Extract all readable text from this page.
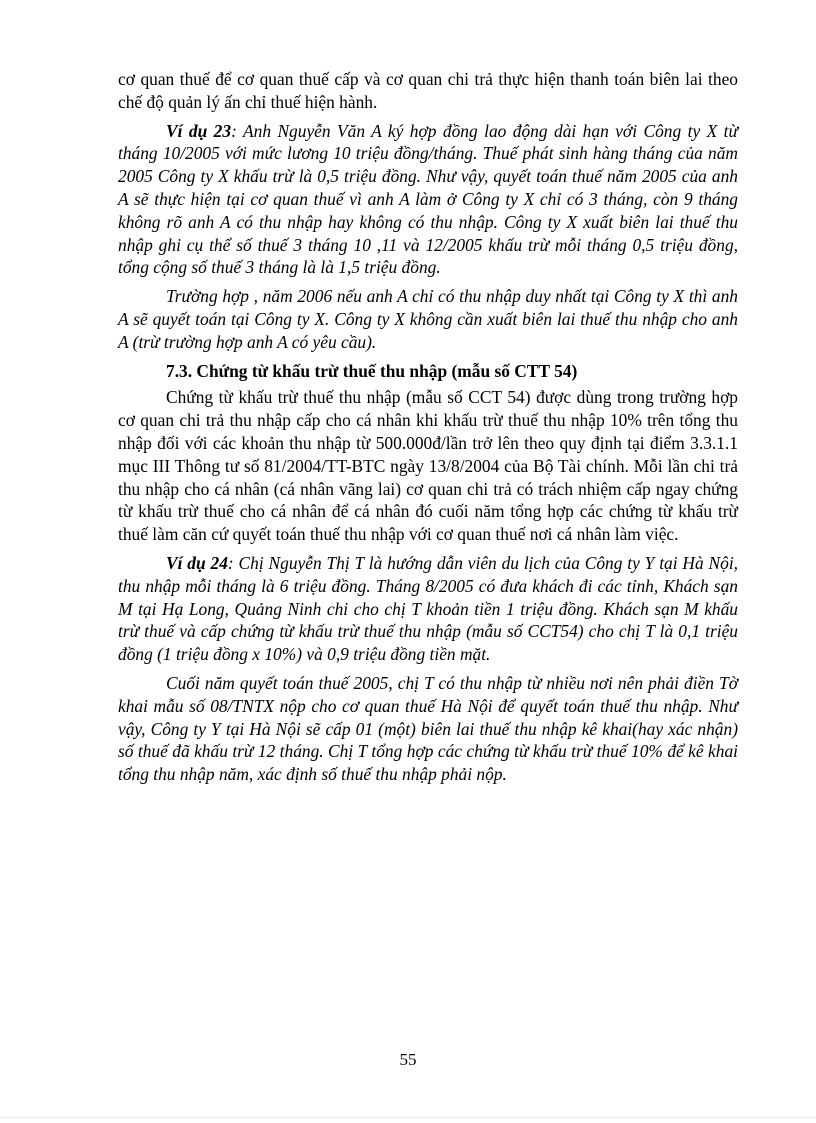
cơ quan thuế để cơ quan thuế cấp và cơ quan chi trả thực hiện thanh toán biên lai theo chế độ quản lý ấn chỉ thuế hiện hành.

Ví dụ 23: Anh Nguyễn Văn A ký hợp đồng lao động dài hạn với Công ty X từ tháng 10/2005 với mức lương 10 triệu đồng/tháng. Thuế phát sinh hàng tháng của năm 2005 Công ty X khấu trừ là 0,5 triệu đồng. Như vậy, quyết toán thuế năm 2005 của anh A sẽ thực hiện tại cơ quan thuế vì anh A làm ở Công ty X chỉ có 3 tháng, còn 9 tháng không rõ anh A có thu nhập hay không có thu nhập. Công ty X xuất biên lai thuế thu nhập ghi cụ thể số thuế 3 tháng 10 ,11 và 12/2005 khấu trừ mỗi tháng 0,5 triệu đồng, tổng cộng số thuế 3 tháng là là 1,5 triệu đồng.

Trường hợp , năm 2006 nếu anh A chỉ có thu nhập duy nhất tại Công ty X thì anh A sẽ quyết toán tại Công ty X. Công ty X không cần xuất biên lai thuế thu nhập cho anh A (trừ trường hợp anh A có yêu cầu).

7.3. Chứng từ khấu trừ thuế thu nhập (mẫu số CTT 54)

Chứng từ khấu trừ thuế thu nhập (mẫu số CCT 54) được dùng trong trường hợp cơ quan chi trả thu nhập cấp cho cá nhân khi khấu trừ thuế thu nhập 10% trên tổng thu nhập đối với các khoản thu nhập từ 500.000đ/lần trở lên theo quy định tại điểm 3.3.1.1 mục III Thông tư số 81/2004/TT-BTC ngày 13/8/2004 của Bộ Tài chính. Mỗi lần chi trả thu nhập cho cá nhân (cá nhân vãng lai) cơ quan chi trả có trách nhiệm cấp ngay chứng từ khấu trừ thuế cho cá nhân để cá nhân đó cuối năm tổng hợp các chứng từ khấu trừ thuế làm căn cứ quyết toán thuế thu nhập với cơ quan thuế nơi cá nhân làm việc.

Ví dụ 24: Chị Nguyễn Thị T là hướng dẫn viên du lịch của Công ty Y tại Hà Nội, thu nhập mỗi tháng là 6 triệu đồng. Tháng 8/2005 có đưa khách đi các tỉnh, Khách sạn M tại Hạ Long, Quảng Ninh chi cho chị T khoản tiền 1 triệu đồng. Khách sạn M khấu trừ thuế và cấp chứng từ khấu trừ thuế thu nhập (mẫu số CCT54) cho chị T là 0,1 triệu đồng (1 triệu đồng x 10%) và 0,9 triệu đồng tiền mặt.

Cuối năm quyết toán thuế 2005, chị T có thu nhập từ nhiều nơi nên phải điền Tờ khai mẫu số 08/TNTX nộp cho cơ quan thuế Hà Nội để quyết toán thuế thu nhập. Như vậy, Công ty Y tại Hà Nội sẽ cấp 01 (một) biên lai thuế thu nhập kê khai(hay xác nhận) số thuế đã khấu trừ 12 tháng. Chị T tổng hợp các chứng từ khấu trừ thuế 10% để kê khai tổng thu nhập năm, xác định số thuế thu nhập phải nộp.

55
